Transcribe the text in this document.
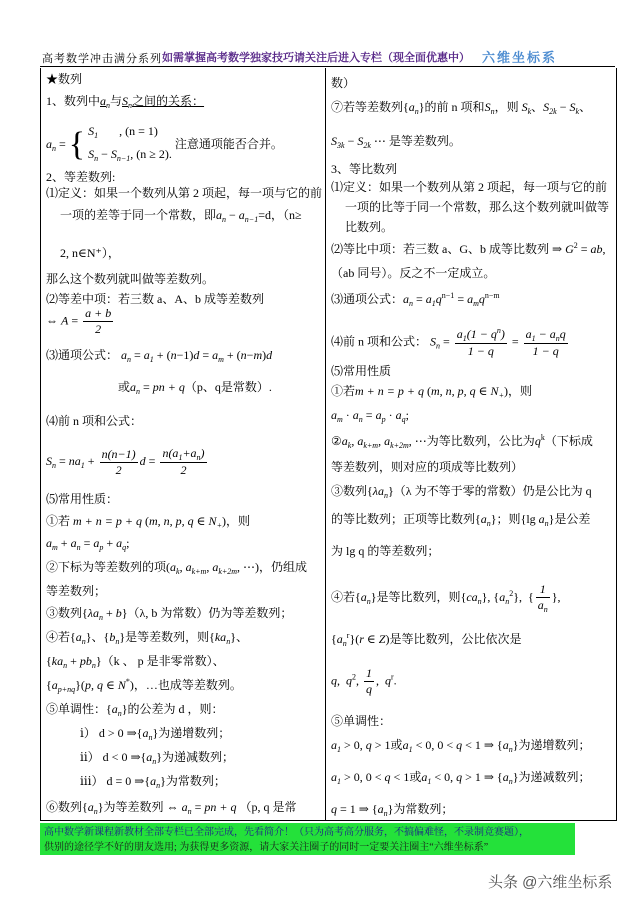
高考数学冲击满分系列 如需掌握高考数学独家技巧请关注后进入专栏（现全面优惠中） 六维坐标系
★数列
1、数列中$a_n$与$S_n$之间的关系：
$a_n$ = { $S_1$       , (n = 1)
$S_n - S_{n-1}$, (n ≥ 2). 注意通项能否合并。
2、等差数列:
⑴定义：如果一个数列从第 2 项起，每一项与它的前
一项的差等于同一个常数，即$a_n - a_{n-1}=d$，（n≥
2, n∈N⁺），
那么这个数列就叫做等差数列。
⑵等差中项：若三数 a、A、b 成等差数列
⇔ $A = \frac{a + b}{2}$
⑶通项公式： $a_n = a_1 + (n-1)d = a_m + (n-m)d$
或$a_n$ = pn + q（p、q是常数）.
⑷前 n 项和公式：
$S_n = na_1 + \frac{n(n-1)}{2}$ $d = \frac{n(a_1+a_n)}{2}$
⑸常用性质：
①若 m + n = p + q (m, n, p, q ∈ $N_+$)，则
$a_m + a_n = a_p + a_q$;
②下标为等差数列的项($a_k$, $a_{k+m}$, $a_{k+2m}$, ⋯)，仍组成
等差数列；
③数列$\{\lambda a_n + b\}(\lambda$, b 为常数）仍为等差数列；
④若$\{a_n\}$、$\{b_n\}$是等差数列，则$\{ka_n\}$、
$\{ka_n + pb_n\}(k$ 、 p 是非零常数）、
$\{a_{p+nq}\}(p$, q ∈ N*)，…也成等差数列。
⑤单调性：$\{a_n\}$的公差为 d ，则：
ⅰ） d > 0 $\Rightarrow\{a_n\}$为递增数列；
ⅱ） d < 0 $\Rightarrow\{a_n\}$为递减数列；
ⅲ） d = 0 $\Rightarrow\{a_n\}$为常数列；
⑥数列$\{a_n\}$为等差数列 ⇔ $a_n$ = pn + q （p, q 是常
数）
⑦若等差数列$\{a_n\}$的前 n 项和$S_n$，则 $S_k$、$S_{2k} - S_k$、
$S_{3k} - S_{2k}$ ⋯ 是等差数列。
3、等比数列
⑴定义：如果一个数列从第 2 项起，每一项与它的前
一项的比等于同一个常数，那么这个数列就叫做等
比数列。
⑵等比中项：若三数 a、G、b 成等比数列 ⇒ $G^2$ = ab,
（ab 同号）。反之不一定成立。
⑶通项公式：$a_n = a_1q^{n-1} = a_mq^{n-m}$
⑷前 n 项和公式： $S_n = \frac{a_1(1 - q^n)}{1 - q} = \frac{a_1 - a_nq}{1 - q}$
⑸常用性质
①若m + n = p + q (m, n, p, q ∈ $N_+$)，则
$a_m \cdot a_n = a_p \cdot a_q$;
$②a_k$, $a_{k+m}$, $a_{k+2m}$, ⋯为等比数列，公比为$q^k$（下标成
等差数列，则对应的项成等比数列）
③数列$\{\lambda a_n\}(\lambda$ 为不等于零的常数）仍是公比为 q
的等比数列；正项等比数列$\{a_n\}$；则{lg $a_n$}是公差
为 lg q 的等差数列；
④若$\{a_n\}$是等比数列，则$\{ca_n\}$, $\{a_n^2\}$,  { $\frac{1}{a_n}$ },
$\{a_n^r\}(r$ ∈ Z)是等比数列，公比依次是
q,  $q^2$, $\frac{1}{q}$ ,  $q^r$.
⑤单调性：
$a_1 > 0$, q > 1或$a_1 < 0$, 0 < q < 1 ⇒ $\{a_n\}$为递增数列；
$a_1 > 0$, 0 < q < 1或$a_1 < 0$, q > 1 ⇒ $\{a_n\}$为递减数列；
q = 1 ⇒ $\{a_n\}$为常数列；
高中数学新课程新教材全部专栏已全部完成，先看简介！（只为高考高分服务，不搞偏难怪，不录制竞赛题），
供别的途径学不好的朋友选用; 为获得更多资源，请大家关注圈子的同时一定要关注圈主“六维坐标系”
头条 @六维坐标系
